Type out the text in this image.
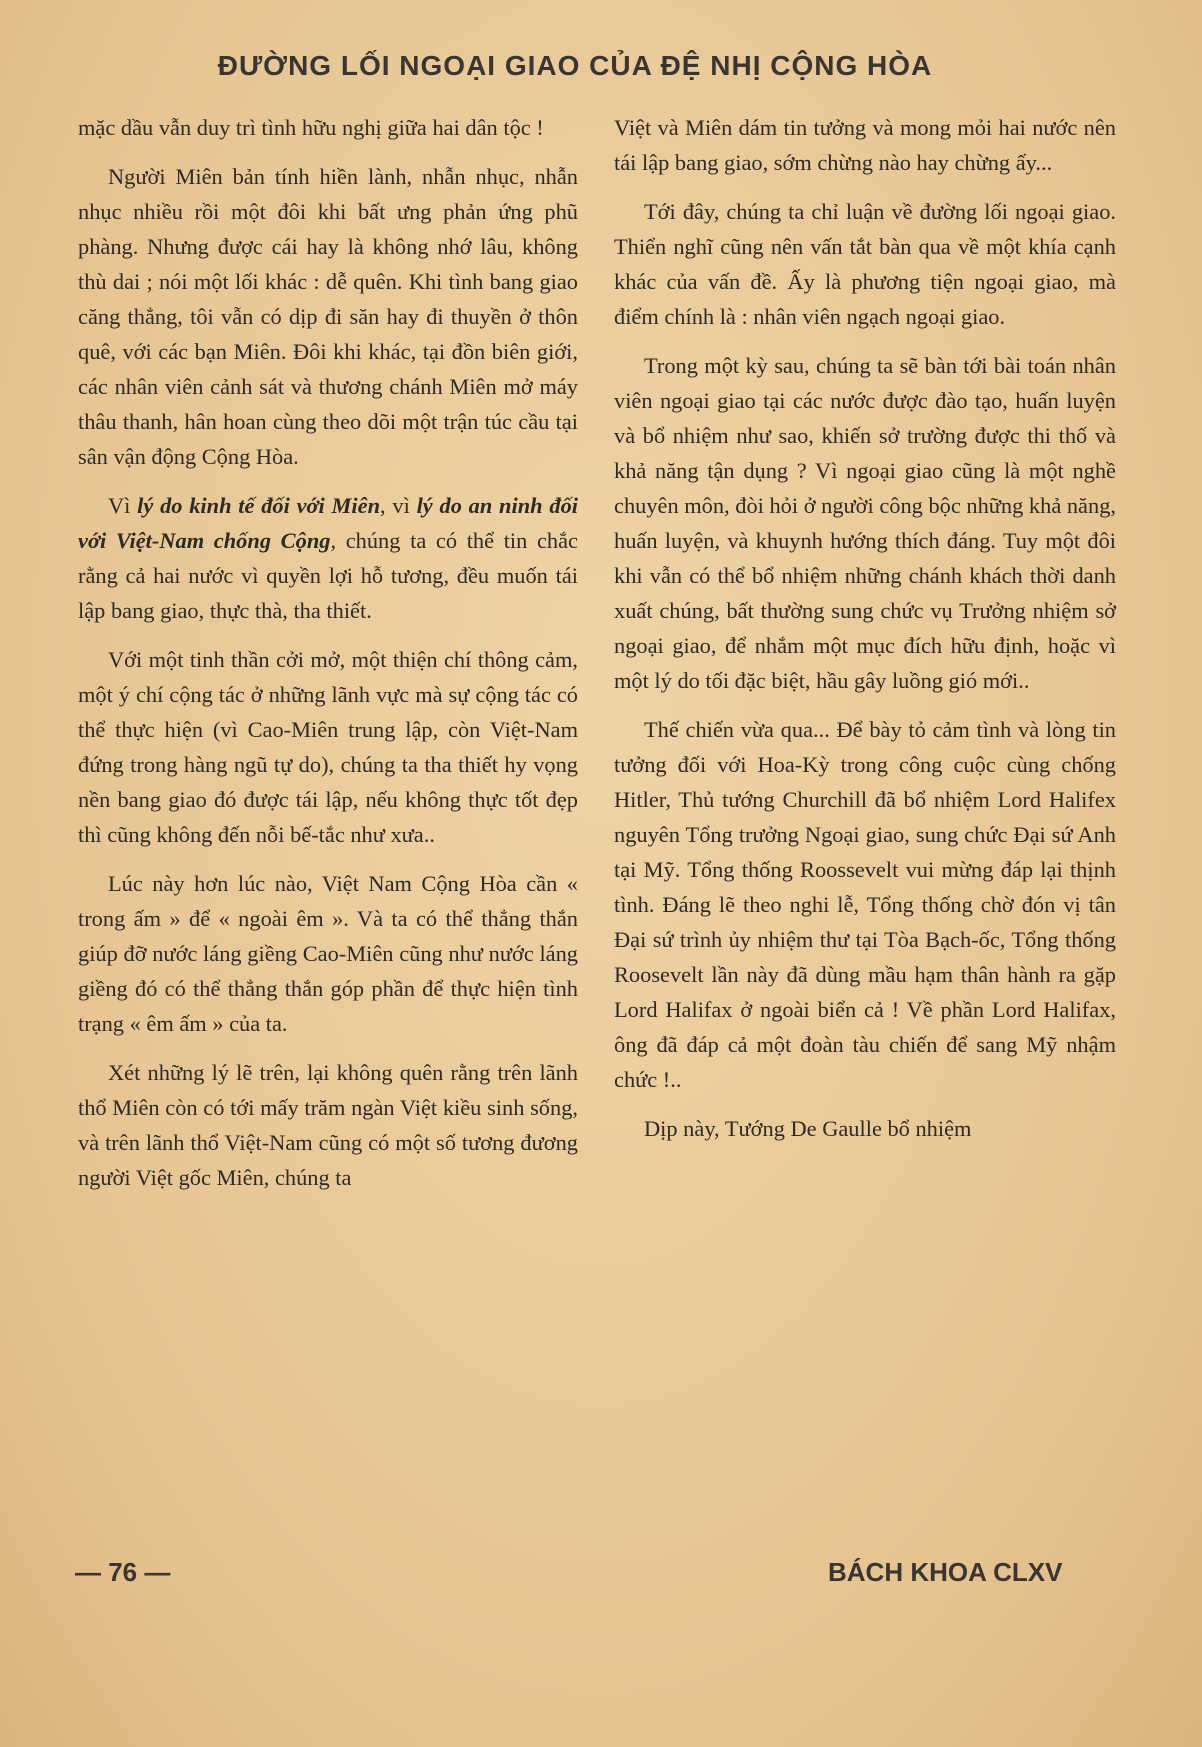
ĐƯỜNG LỐI NGOẠI GIAO CỦA ĐỆ NHỊ CỘNG HÒA

mặc dầu vẫn duy trì tình hữu nghị giữa hai dân tộc !

Người Miên bản tính hiền lành, nhẫn nhục, nhẫn nhục nhiều rồi một đôi khi bất ưng phản ứng phũ phàng. Nhưng được cái hay là không nhớ lâu, không thù dai ; nói một lối khác : dễ quên. Khi tình bang giao căng thẳng, tôi vẫn có dịp đi săn hay đi thuyền ở thôn quê, với các bạn Miên. Đôi khi khác, tại đồn biên giới, các nhân viên cảnh sát và thương chánh Miên mở máy thâu thanh, hân hoan cùng theo dõi một trận túc cầu tại sân vận động Cộng Hòa.

Vì lý do kinh tế đối với Miên, vì lý do an ninh đối với Việt-Nam chống Cộng, chúng ta có thể tin chắc rằng cả hai nước vì quyền lợi hỗ tương, đều muốn tái lập bang giao, thực thà, tha thiết.

Với một tinh thần cởi mở, một thiện chí thông cảm, một ý chí cộng tác ở những lãnh vực mà sự cộng tác có thể thực hiện (vì Cao-Miên trung lập, còn Việt-Nam đứng trong hàng ngũ tự do), chúng ta tha thiết hy vọng nền bang giao đó được tái lập, nếu không thực tốt đẹp thì cũng không đến nỗi bế-tắc như xưa..

Lúc này hơn lúc nào, Việt Nam Cộng Hòa cần « trong ấm » để « ngoài êm ». Và ta có thể thẳng thắn giúp đỡ nước láng giềng Cao-Miên cũng như nước láng giềng đó có thể thẳng thắn góp phần để thực hiện tình trạng « êm ấm » của ta.

Xét những lý lẽ trên, lại không quên rằng trên lãnh thổ Miên còn có tới mấy trăm ngàn Việt kiều sinh sống, và trên lãnh thổ Việt-Nam cũng có một số tương đương người Việt gốc Miên, chúng ta

Việt và Miên dám tin tưởng và mong mỏi hai nước nên tái lập bang giao, sớm chừng nào hay chừng ấy...

Tới đây, chúng ta chỉ luận về đường lối ngoại giao. Thiển nghĩ cũng nên vấn tắt bàn qua về một khía cạnh khác của vấn đề. Ấy là phương tiện ngoại giao, mà điểm chính là : nhân viên ngạch ngoại giao.

Trong một kỳ sau, chúng ta sẽ bàn tới bài toán nhân viên ngoại giao tại các nước được đào tạo, huấn luyện và bổ nhiệm như sao, khiến sở trường được thi thố và khả năng tận dụng ? Vì ngoại giao cũng là một nghề chuyên môn, đòi hỏi ở người công bộc những khả năng, huấn luyện, và khuynh hướng thích đáng. Tuy một đôi khi vẫn có thể bổ nhiệm những chánh khách thời danh xuất chúng, bất thường sung chức vụ Trưởng nhiệm sở ngoại giao, để nhắm một mục đích hữu định, hoặc vì một lý do tối đặc biệt, hầu gây luồng gió mới..

Thế chiến vừa qua... Để bày tỏ cảm tình và lòng tin tưởng đối với Hoa-Kỳ trong công cuộc cùng chống Hitler, Thủ tướng Churchill đã bổ nhiệm Lord Halifex nguyên Tổng trưởng Ngoại giao, sung chức Đại sứ Anh tại Mỹ. Tổng thống Roossevelt vui mừng đáp lại thịnh tình. Đáng lẽ theo nghi lễ, Tổng thống chờ đón vị tân Đại sứ trình ủy nhiệm thư tại Tòa Bạch-ốc, Tổng thống Roosevelt lần này đã dùng mầu hạm thân hành ra gặp Lord Halifax ở ngoài biển cả ! Về phần Lord Halifax, ông đã đáp cả một đoàn tàu chiến để sang Mỹ nhậm chức !..

Dịp này, Tướng De Gaulle bổ nhiệm

— 76 —	BÁCH KHOA CLXV
